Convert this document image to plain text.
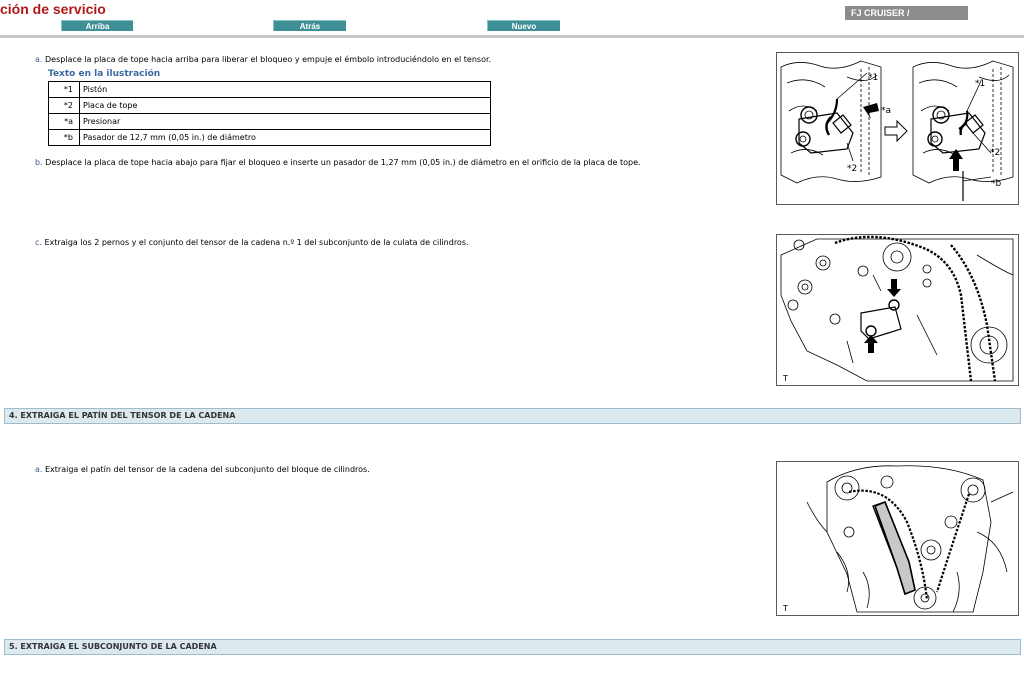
ción de servicio
Arriba	Atrás	Nuevo
FJ CRUISER /
a. Desplace la placa de tope hacia arriba para liberar el bloqueo y empuje el émbolo introduciéndolo en el tensor.
Texto en la ilustración
*1	Pistón
*2	Placa de tope
*a	Presionar
*b	Pasador de 12,7 mm (0,05 in.) de diámetro
b. Desplace la placa de tope hacia abajo para fijar el bloqueo e inserte un pasador de 1,27 mm (0,05 in.) de diámetro en el orificio de la placa de tope.
*1
*a
*2
*1
*2
*b
c. Extraiga los 2 pernos y el conjunto del tensor de la cadena n.º 1 del subconjunto de la culata de cilindros.
T
4. EXTRAIGA EL PATÍN DEL TENSOR DE LA CADENA
a. Extraiga el patín del tensor de la cadena del subconjunto del bloque de cilindros.
T
5. EXTRAIGA EL SUBCONJUNTO DE LA CADENA
